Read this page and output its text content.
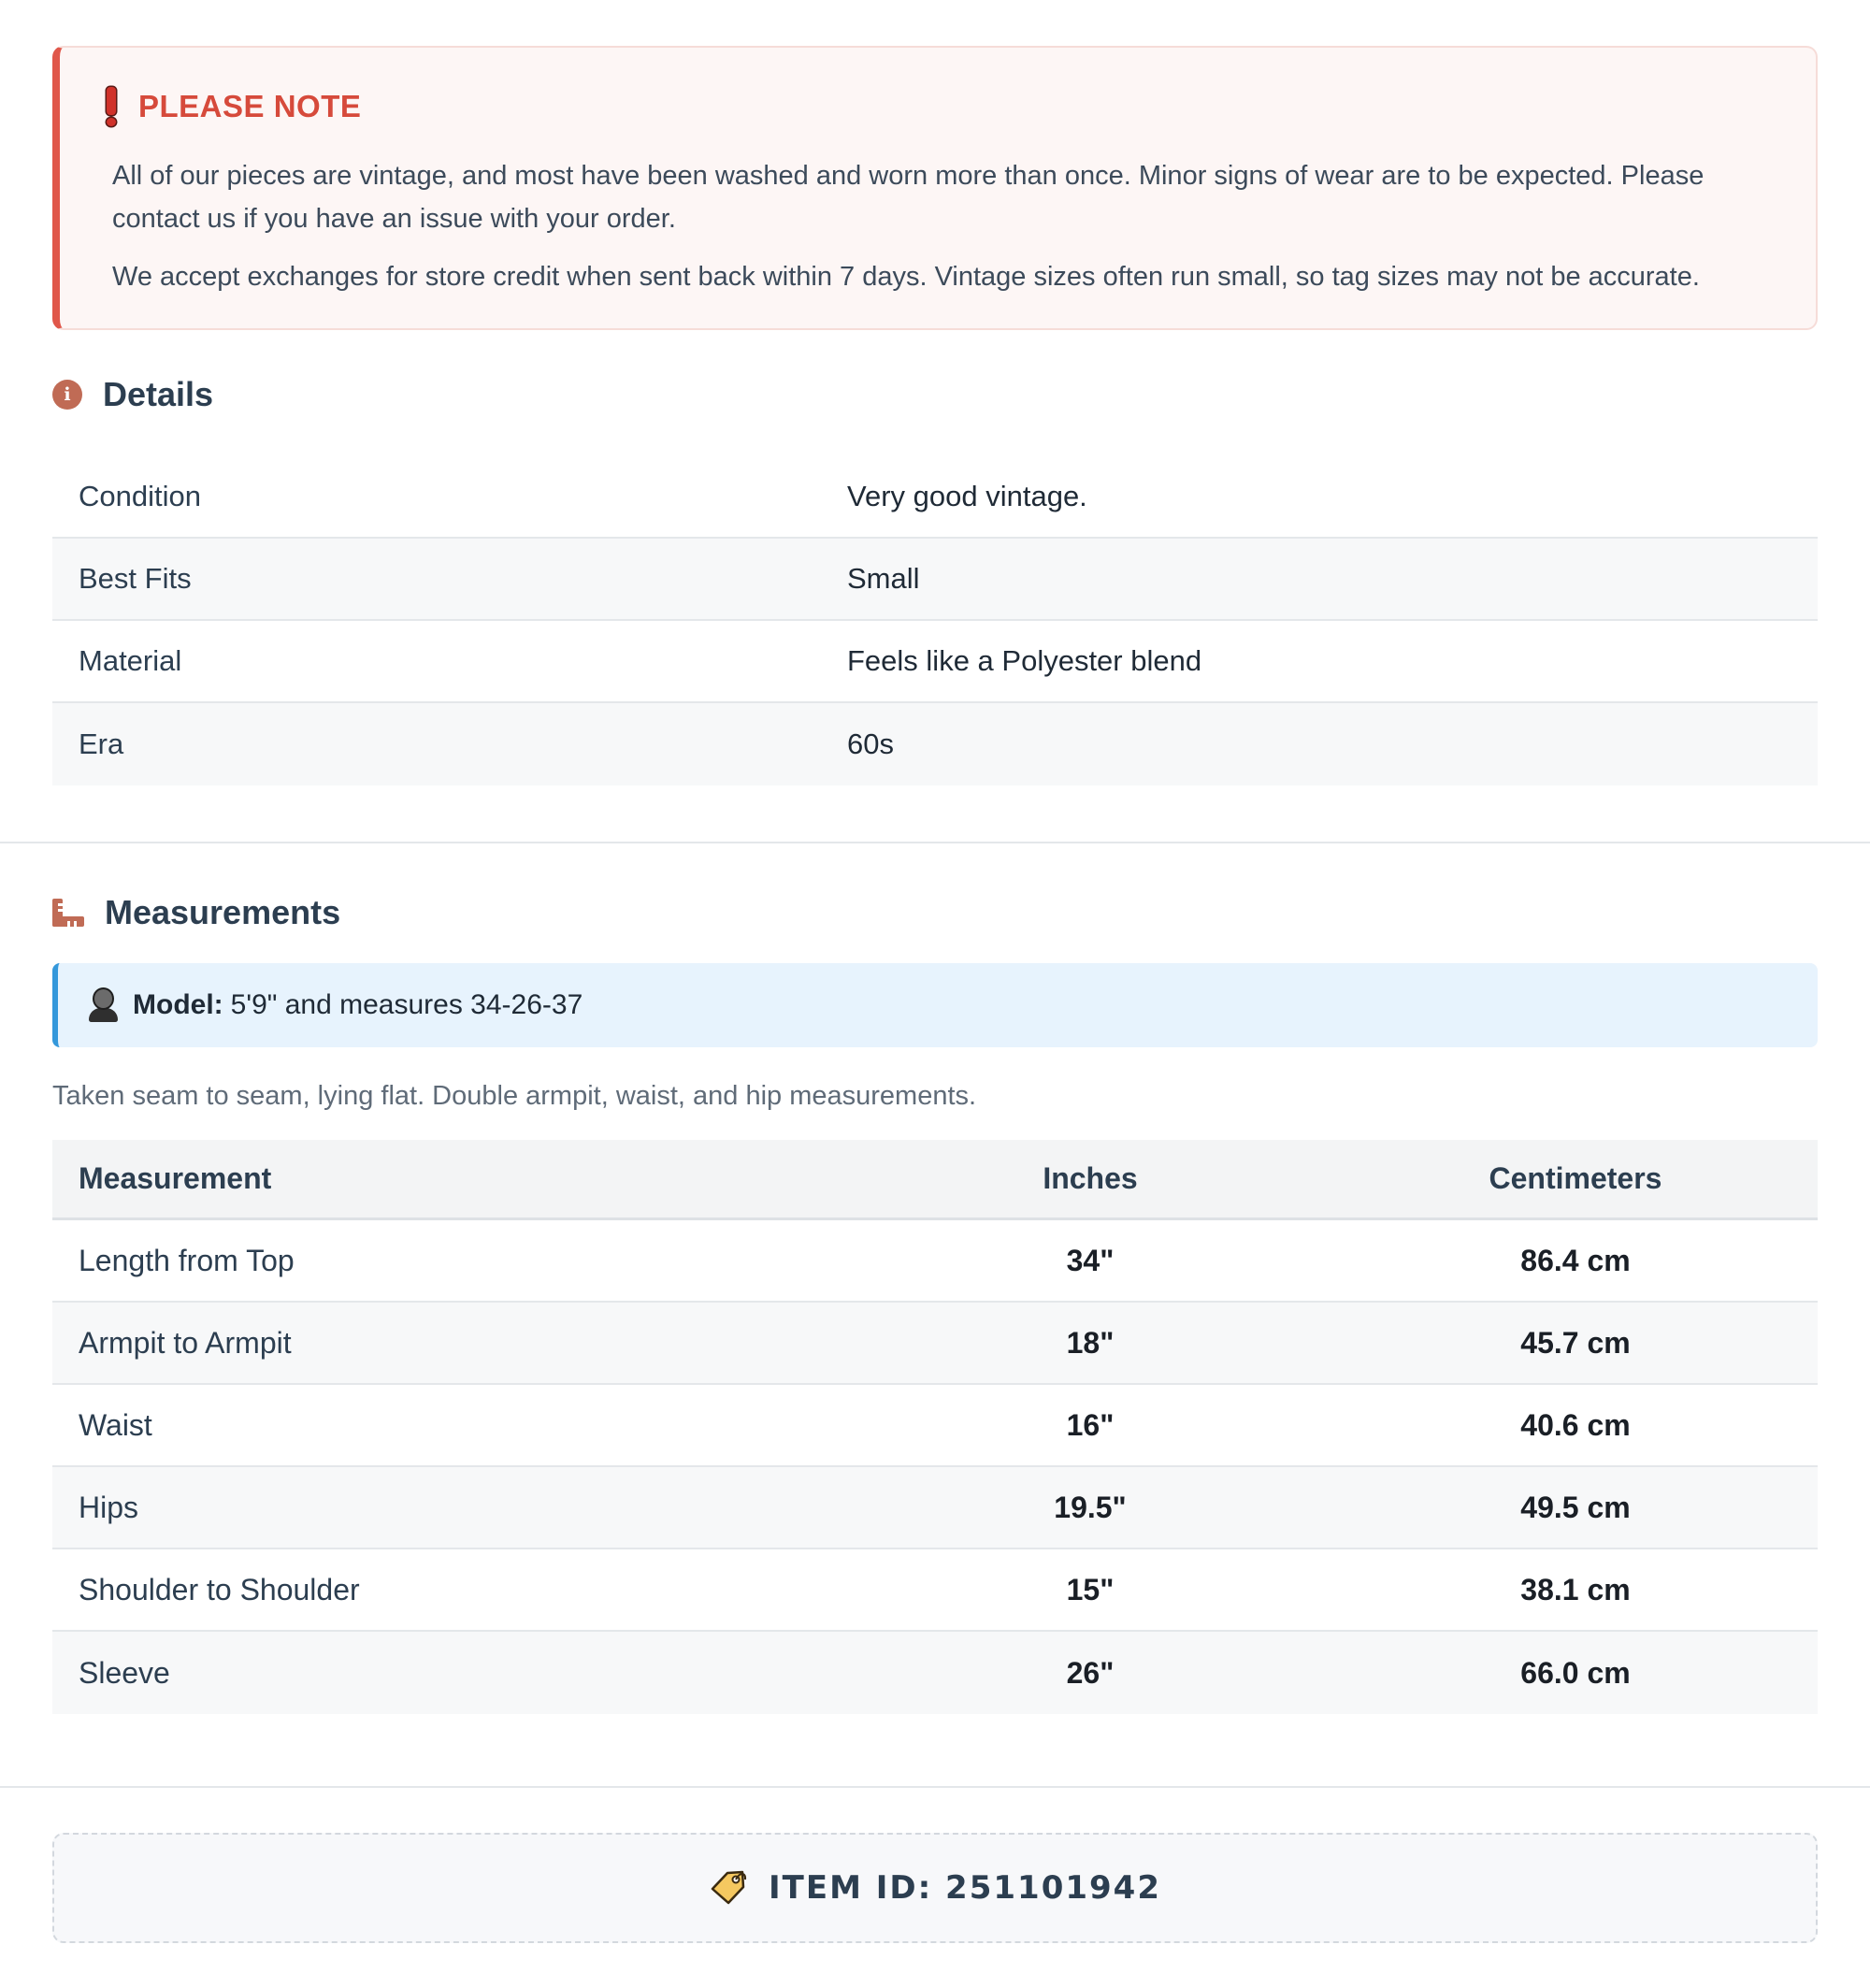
PLEASE NOTE

All of our pieces are vintage, and most have been washed and worn more than once. Minor signs of wear are to be expected. Please contact us if you have an issue with your order.

We accept exchanges for store credit when sent back within 7 days. Vintage sizes often run small, so tag sizes may not be accurate.

i Details
Condition	Very good vintage.
Best Fits	Small
Material	Feels like a Polyester blend
Era	60s
Measurements
Model: 5'9" and measures 34-26-37
Taken seam to seam, lying flat. Double armpit, waist, and hip measurements.
Measurement	Inches	Centimeters
Length from Top	34"	86.4 cm
Armpit to Armpit	18"	45.7 cm
Waist	16"	40.6 cm
Hips	19.5"	49.5 cm
Shoulder to Shoulder	15"	38.1 cm
Sleeve	26"	66.0 cm
ITEM ID: 251101942
